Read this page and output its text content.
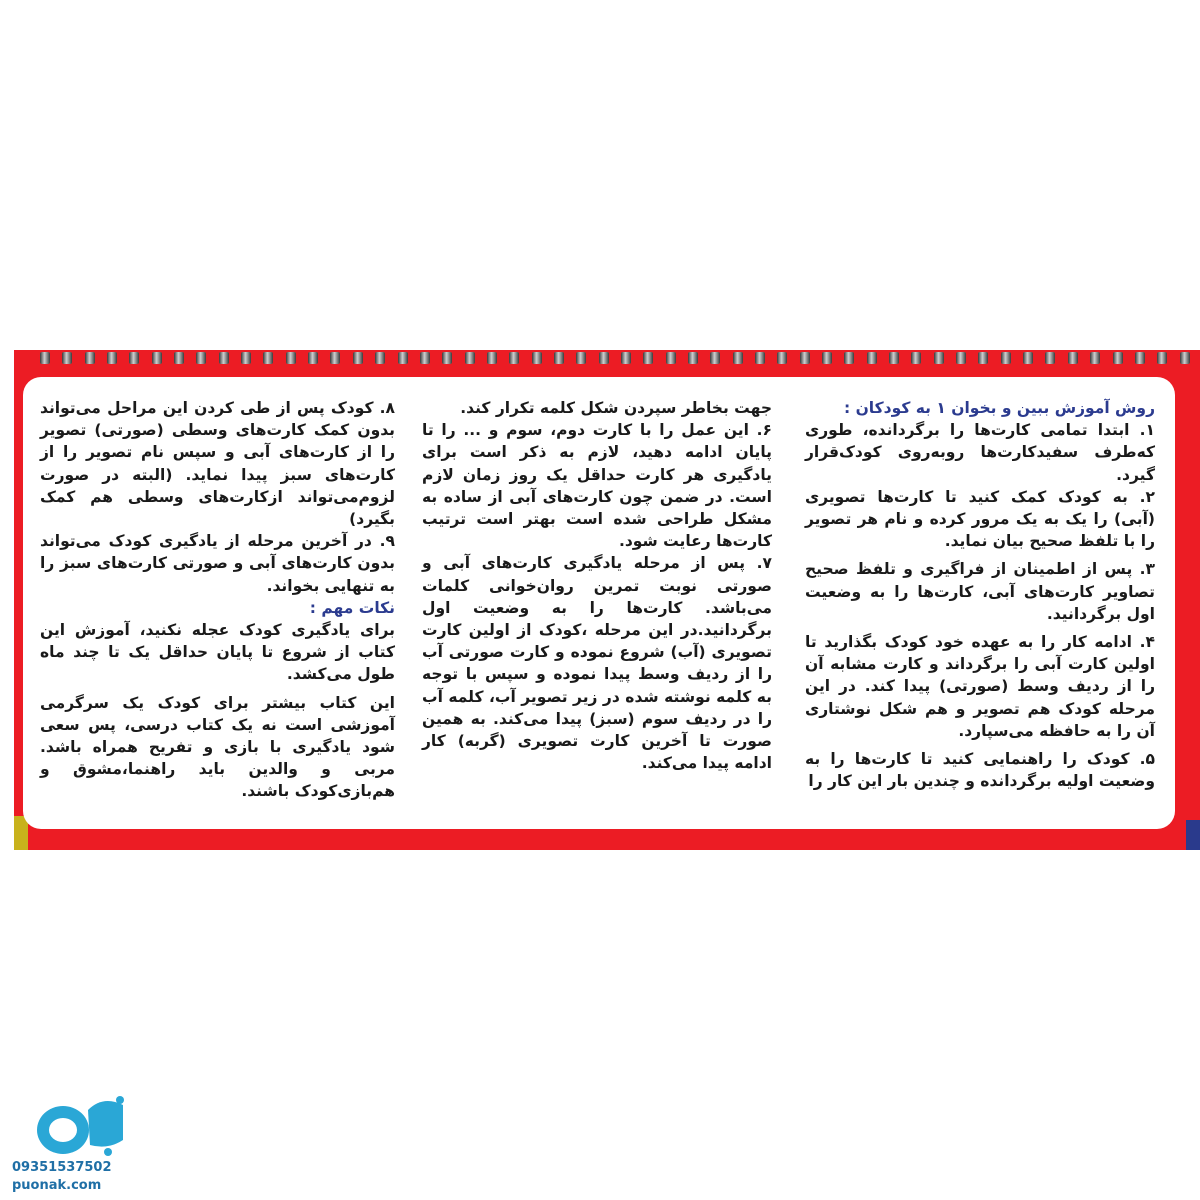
روش آموزش ببین و بخوان ۱ به کودکان :

۱. ابتدا تمامی کارت‌ها را برگردانده، طوری که‌طرف سفیدکارت‌ها روبه‌روی کودک‌قرار گیرد.

۲. به کودک کمک کنید تا کارت‌ها تصویری (آبی) را یک به یک مرور کرده و نام هر تصویر را با تلفظ صحیح بیان نماید.

۳. پس از اطمینان از فراگیری و تلفظ صحیح تصاویر کارت‌های آبی، کارت‌ها را به وضعیت اول برگردانید.

۴. ادامه کار را به عهده خود کودک بگذارید تا اولین کارت آبی را برگرداند و کارت مشابه آن را از ردیف وسط (صورتی) پیدا کند. در این مرحله کودک هم تصویر و هم شکل نوشتاری آن را به حافظه می‌سپارد.

۵. کودک را راهنمایی کنید تا کارت‌ها را به وضعیت اولیه برگردانده و چندین بار این کار را

جهت بخاطر سپردن شکل کلمه تکرار کند.

۶. این عمل را با کارت دوم، سوم و ... را تا پایان ادامه دهید، لازم به ذکر است برای یادگیری هر کارت حداقل یک روز زمان لازم است. در ضمن چون کارت‌های آبی از ساده به مشکل طراحی شده است بهتر است ترتیب کارت‌ها رعایت شود.

۷. پس از مرحله یادگیری کارت‌های آبی و صورتی نوبت تمرین روان‌خوانی کلمات می‌باشد. کارت‌ها را به وضعیت اول برگردانید.در این مرحله ،کودک از اولین کارت تصویری (آب) شروع نموده و کارت صورتی آب را از ردیف وسط پیدا نموده و سپس با توجه به کلمه نوشته شده در زیر تصویر آب، کلمه آب را در ردیف سوم (سبز) پیدا می‌کند. به همین صورت تا آخرین کارت تصویری (گربه) کار ادامه پیدا می‌کند.

۸. کودک پس از طی کردن این مراحل می‌تواند بدون کمک کارت‌های وسطی (صورتی) تصویر را از کارت‌های آبی و سپس نام تصویر را از کارت‌های سبز پیدا نماید. (البته در صورت لزوم‌می‌تواند ازکارت‌های وسطی هم کمک بگیرد)

۹. در آخرین مرحله از یادگیری کودک می‌تواند بدون کارت‌های آبی و صورتی کارت‌های سبز را به تنهایی بخواند.

نکات مهم :

برای یادگیری کودک عجله نکنید، آموزش این کتاب از شروع تا پایان حداقل یک تا چند ماه طول می‌کشد.

این کتاب بیشتر برای کودک یک سرگرمی آموزشی است نه یک کتاب درسی، پس سعی شود یادگیری با بازی و تفریح همراه باشد. مربی و والدین باید راهنما،مشوق و هم‌بازی‌کودک باشند.

09351537502
puonak.com
